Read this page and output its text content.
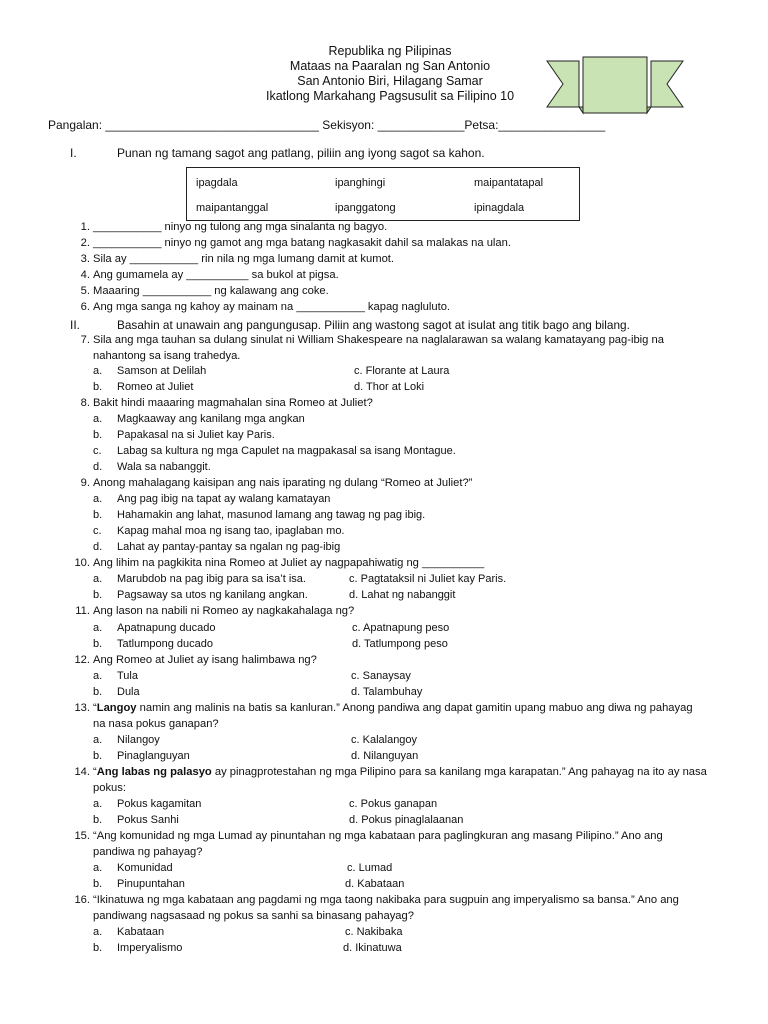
Republika ng Pilipinas
Mataas na Paaralan ng San Antonio
San Antonio Biri, Hilagang Samar
Ikatlong Markahang Pagsusulit sa Filipino 10
Pangalan: ________________________________ Sekisyon: _____________Petsa:________________
I.	Punan ng tamang sagot ang patlang, piliin ang iyong sagot sa kahon.
ipagdala	ipanghingi	maipantatapal
maipantanggal	ipanggatong	ipinagdala
1. ___________ ninyo ng tulong ang mga sinalanta ng bagyo.
2. ___________ ninyo ng gamot ang mga batang nagkasakit dahil sa malakas na ulan.
3. Sila ay ___________ rin nila ng mga lumang damit at kumot.
4. Ang gumamela ay __________ sa bukol at pigsa.
5. Maaaring ___________ ng kalawang ang coke.
6. Ang mga sanga ng kahoy ay mainam na ___________ kapag nagluluto.
II.	Basahin at unawain ang pangungusap. Piliin ang wastong sagot at isulat ang titik bago ang bilang.
7. Sila ang mga tauhan sa dulang sinulat ni William Shakespeare na naglalarawan sa walang kamatayang pag-ibig na
nahantong sa isang trahedya.
a.	Samson at Delilah	c. Florante at Laura
b.	Romeo at Juliet	d. Thor at Loki
8. Bakit hindi maaaring magmahalan sina Romeo at Juliet?
a.	Magkaaway ang kanilang mga angkan
b.	Papakasal na si Juliet kay Paris.
c.	Labag sa kultura ng mga Capulet na magpakasal sa isang Montague.
d.	Wala sa nabanggit.
9. Anong mahalagang kaisipan ang nais iparating ng dulang “Romeo at Juliet?”
a.	Ang pag ibig na tapat ay walang kamatayan
b.	Hahamakin ang lahat, masunod lamang ang tawag ng pag ibig.
c.	Kapag mahal moa ng isang tao, ipaglaban mo.
d.	Lahat ay pantay-pantay sa ngalan ng pag-ibig
10. Ang lihim na pagkikita nina Romeo at Juliet ay nagpapahiwatig ng __________
a.	Marubdob na pag ibig para sa isa’t isa.	c. Pagtataksil ni Juliet kay Paris.
b.	Pagsaway sa utos ng kanilang angkan.	d. Lahat ng nabanggit
11. Ang lason na nabili ni Romeo ay nagkakahalaga ng?
a.	Apatnapung ducado	c. Apatnapung peso
b.	Tatlumpong ducado	d. Tatlumpong peso
12. Ang Romeo at Juliet ay isang halimbawa ng?
a.	Tula	c. Sanaysay
b.	Dula	d. Talambuhay
13. “Langoy namin ang malinis na batis sa kanluran.” Anong pandiwa ang dapat gamitin upang mabuo ang diwa ng pahayag
na nasa pokus ganapan?
a.	Nilangoy	c. Kalalangoy
b.	Pinaglanguyan	d. Nilanguyan
14. “Ang labas ng palasyo ay pinagprotestahan ng mga Pilipino para sa kanilang mga karapatan.” Ang pahayag na ito ay nasa
pokus:
a.	Pokus kagamitan	c. Pokus ganapan
b.	Pokus Sanhi	d. Pokus pinaglalaanan
15. “Ang komunidad ng mga Lumad ay pinuntahan ng mga kabataan para paglingkuran ang masang Pilipino.” Ano ang
pandiwa ng pahayag?
a.	Komunidad	c. Lumad
b.	Pinupuntahan	d. Kabataan
16. “Ikinatuwa ng mga kabataan ang pagdami ng mga taong nakibaka para sugpuin ang imperyalismo sa bansa.” Ano ang
pandiwang nagsasaad ng pokus sa sanhi sa binasang pahayag?
a.	Kabataan	c. Nakibaka
b.	Imperyalismo	d. Ikinatuwa
